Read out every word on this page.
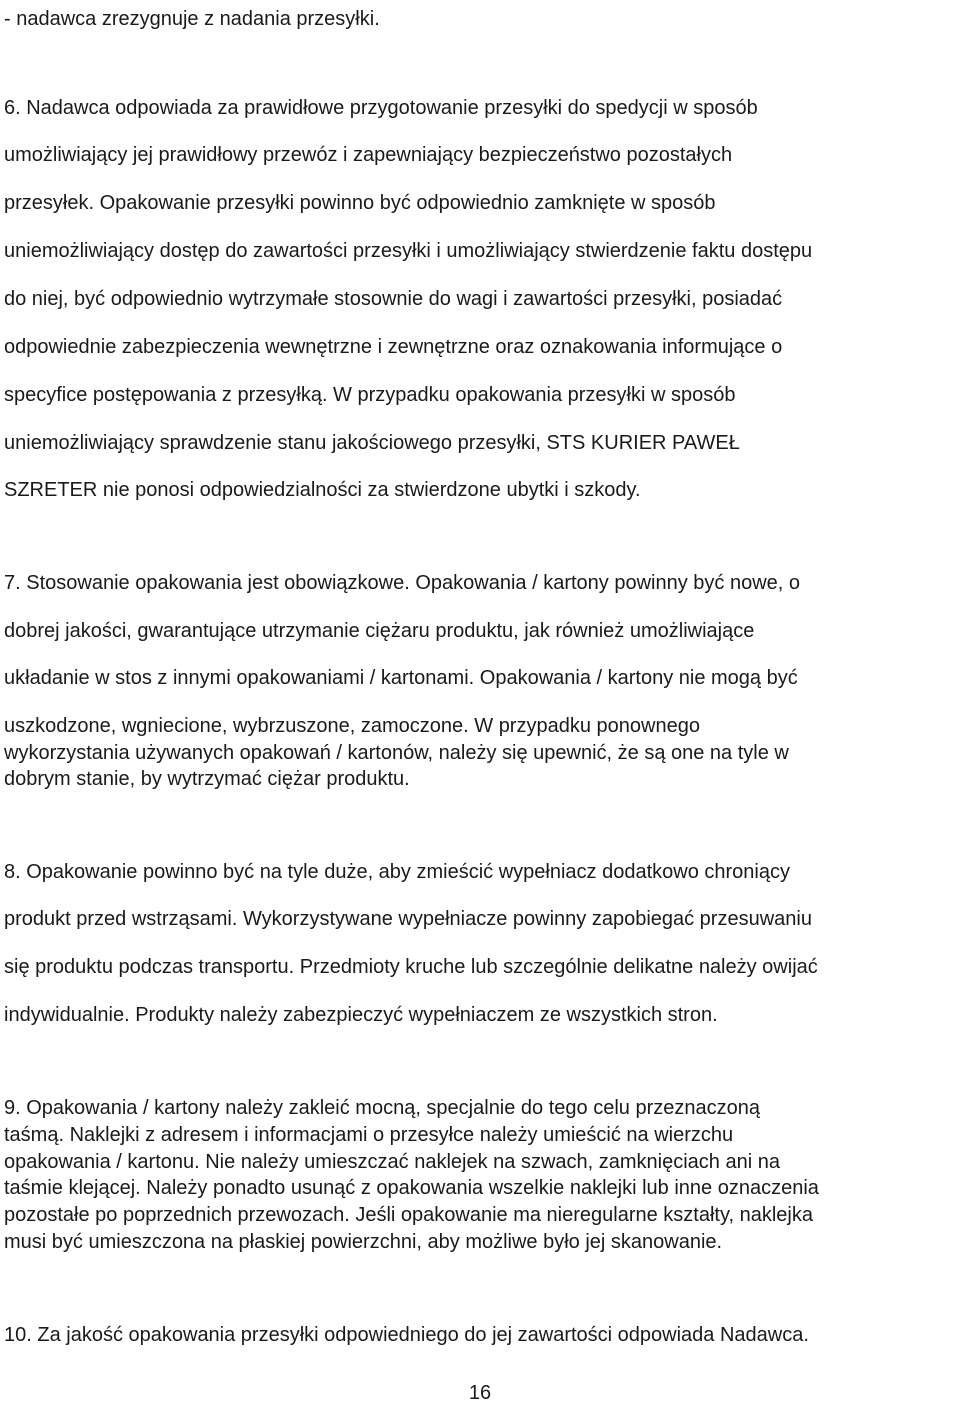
- nadawca zrezygnuje z nadania przesyłki.

6. Nadawca odpowiada za prawidłowe przygotowanie przesyłki do spedycji w sposób

umożliwiający jej prawidłowy przewóz i zapewniający bezpieczeństwo pozostałych

przesyłek. Opakowanie przesyłki powinno być odpowiednio zamknięte w sposób

uniemożliwiający dostęp do zawartości przesyłki i umożliwiający stwierdzenie faktu dostępu

do niej, być odpowiednio wytrzymałe stosownie do wagi i zawartości przesyłki, posiadać

odpowiednie zabezpieczenia wewnętrzne i zewnętrzne oraz oznakowania informujące o

specyfice postępowania z przesyłką. W przypadku opakowania przesyłki w sposób

uniemożliwiający sprawdzenie stanu jakościowego przesyłki, STS KURIER PAWEŁ

SZRETER nie ponosi odpowiedzialności za stwierdzone ubytki i szkody.

7. Stosowanie opakowania jest obowiązkowe. Opakowania / kartony powinny być nowe, o

dobrej jakości, gwarantujące utrzymanie ciężaru produktu, jak również umożliwiające

układanie w stos z innymi opakowaniami / kartonami. Opakowania / kartony nie mogą być

uszkodzone, wgniecione, wybrzuszone, zamoczone. W przypadku ponownego

wykorzystania używanych opakowań / kartonów, należy się upewnić, że są one na tyle w

dobrym stanie, by wytrzymać ciężar produktu.

8. Opakowanie powinno być na tyle duże, aby zmieścić wypełniacz dodatkowo chroniący

produkt przed wstrząsami. Wykorzystywane wypełniacze powinny zapobiegać przesuwaniu

się produktu podczas transportu. Przedmioty kruche lub szczególnie delikatne należy owijać

indywidualnie. Produkty należy zabezpieczyć wypełniaczem ze wszystkich stron.

9. Opakowania / kartony należy zakleić mocną, specjalnie do tego celu przeznaczoną

taśmą. Naklejki z adresem i informacjami o przesyłce należy umieścić na wierzchu

opakowania / kartonu. Nie należy umieszczać naklejek na szwach, zamknięciach ani na

taśmie klejącej. Należy ponadto usunąć z opakowania wszelkie naklejki lub inne oznaczenia

pozostałe po poprzednich przewozach. Jeśli opakowanie ma nieregularne kształty, naklejka

musi być umieszczona na płaskiej powierzchni, aby możliwe było jej skanowanie.

10. Za jakość opakowania przesyłki odpowiedniego do jej zawartości odpowiada Nadawca.

16
